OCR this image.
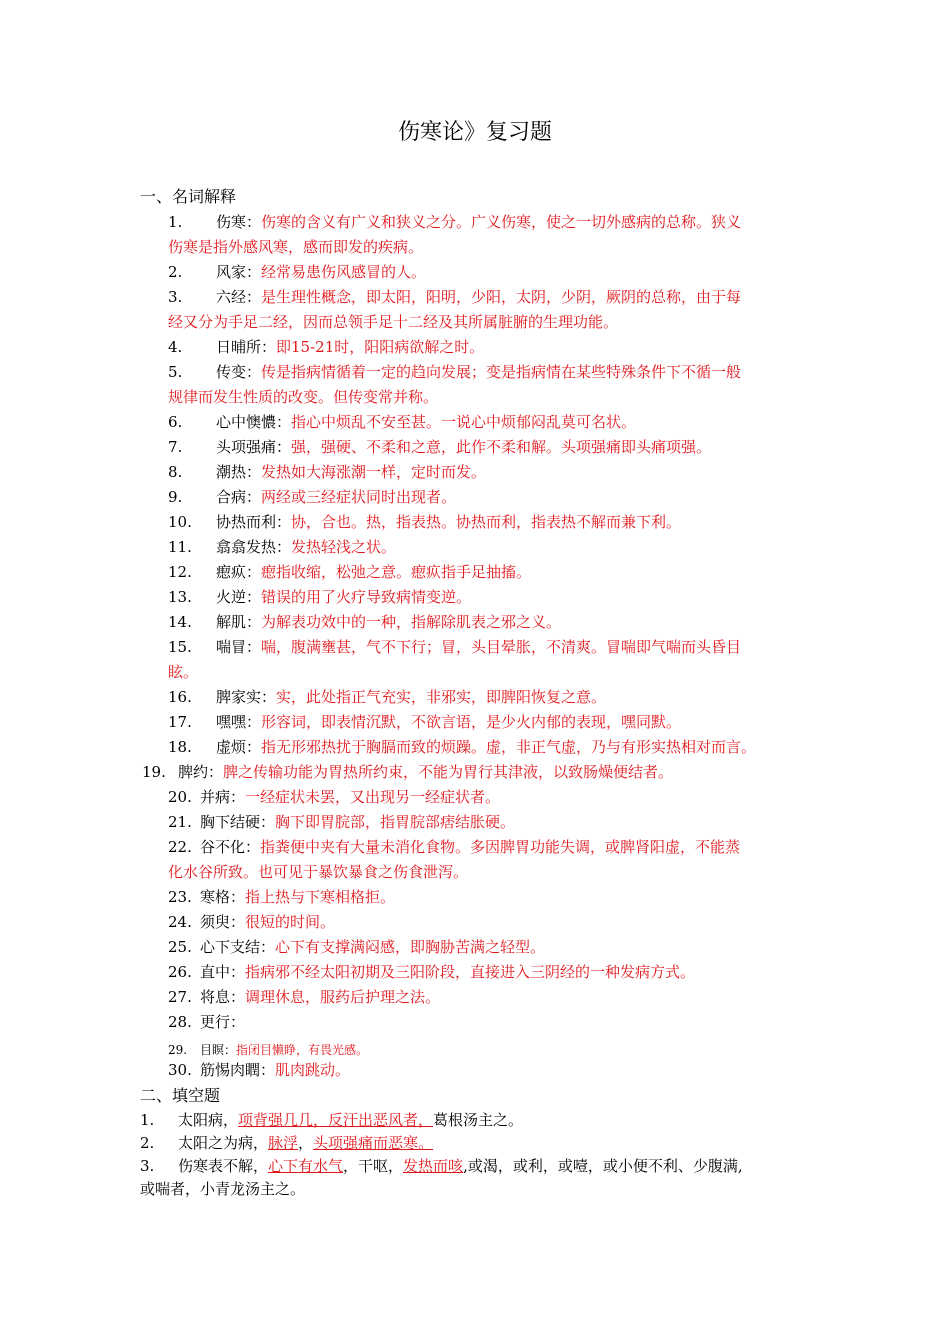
伤寒论》复习题
一、名词解释
1. 伤寒：伤寒的含义有广义和狭义之分。广义伤寒，使之一切外感病的总称。狭义
伤寒是指外感风寒，感而即发的疾病。
2. 风家：经常易患伤风感冒的人。
3. 六经：是生理性概念，即太阳，阳明，少阳，太阴，少阴，厥阴的总称，由于每
经又分为手足二经，因而总领手足十二经及其所属脏腑的生理功能。
4. 日晡所：即15-21时，阳阳病欲解之时。
5. 传变：传是指病情循着一定的趋向发展；变是指病情在某些特殊条件下不循一般
规律而发生性质的改变。但传变常并称。
6. 心中懊憹：指心中烦乱不安至甚。一说心中烦郁闷乱莫可名状。
7. 头项强痛：强，强硬、不柔和之意，此作不柔和解。头项强痛即头痛项强。
8. 潮热：发热如大海涨潮一样，定时而发。
9. 合病：两经或三经症状同时出现者。
10. 协热而利：协，合也。热，指表热。协热而利，指表热不解而兼下利。
11. 翕翕发热：发热轻浅之状。
12. 瘛疭：瘛指收缩，松弛之意。瘛疭指手足抽搐。
13. 火逆：错误的用了火疗导致病情变逆。
14. 解肌：为解表功效中的一种，指解除肌表之邪之义。
15. 喘冒：喘，腹满壅甚，气不下行；冒，头目晕胀，不清爽。冒喘即气喘而头昏目
眩。
16. 脾家实：实，此处指正气充实，非邪实，即脾阳恢复之意。
17. 嘿嘿：形容词，即表情沉默，不欲言语，是少火内郁的表现，嘿同默。
18. 虚烦：指无形邪热扰于胸膈而致的烦躁。虚，非正气虚，乃与有形实热相对而言。
19. 脾约：脾之传输功能为胃热所约束，不能为胃行其津液，以致肠燥便结者。
20. 并病：一经症状未罢，又出现另一经症状者。
21. 胸下结硬：胸下即胃脘部，指胃脘部痞结胀硬。
22. 谷不化：指粪便中夹有大量未消化食物。多因脾胃功能失调，或脾肾阳虚，不能蒸
化水谷所致。也可见于暴饮暴食之伤食泄泻。
23. 寒格：指上热与下寒相格拒。
24. 须臾：很短的时间。
25. 心下支结：心下有支撑满闷感，即胸胁苦满之轻型。
26. 直中：指病邪不经太阳初期及三阳阶段，直接进入三阴经的一种发病方式。
27. 将息：调理休息，服药后护理之法。
28. 更行：
29. 目瞑：指闭目懒睁，有畏光感。
30. 筋惕肉瞤：肌肉跳动。
二、填空题
1. 太阳病，项背强几几，反汗出恶风者，葛根汤主之。
2. 太阳之为病，脉浮，头项强痛而恶寒。
3. 伤寒表不解，心下有水气，干呕，发热而咳,或渴，或利，或噎，或小便不利、少腹满,
或喘者，小青龙汤主之。
